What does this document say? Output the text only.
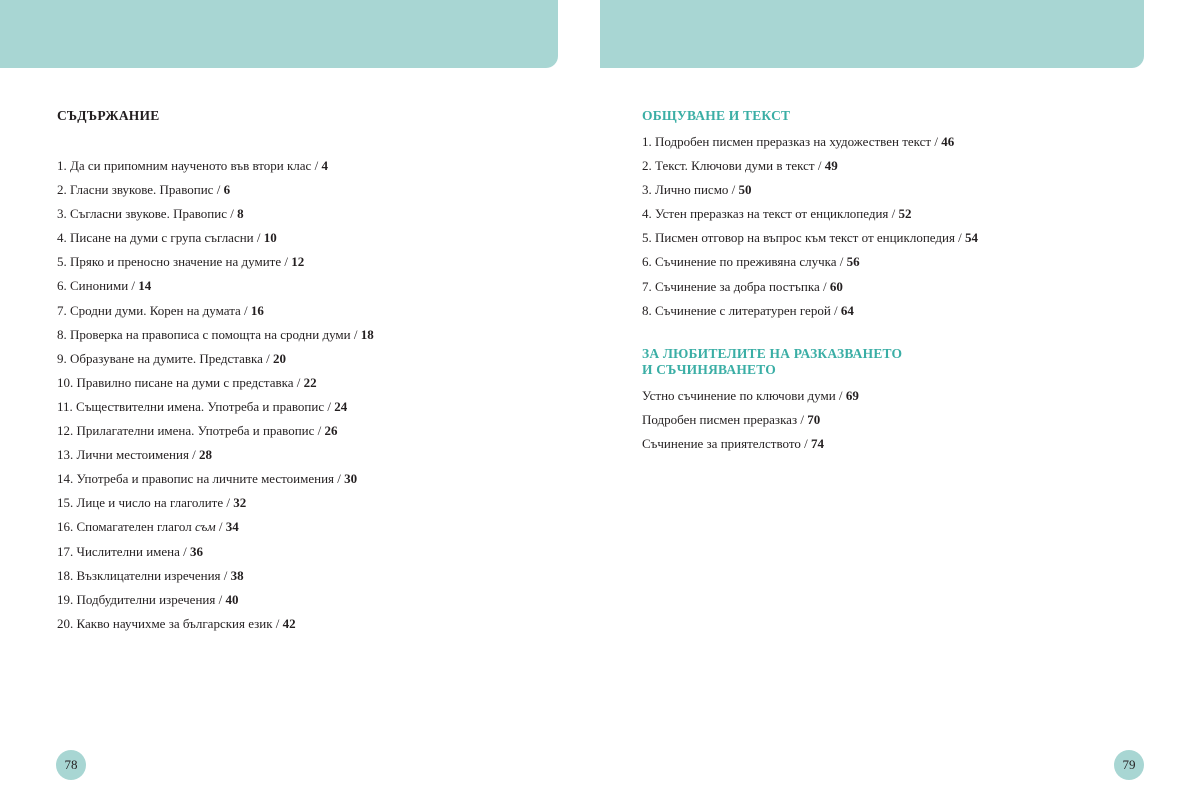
СЪДЪРЖАНИЕ
1. Да си припомним наученото във втори клас / 4
2. Гласни звукове. Правопис / 6
3. Съгласни звукове. Правопис / 8
4. Писане на думи с група съгласни / 10
5. Пряко и преносно значение на думите / 12
6. Синоними / 14
7. Сродни думи. Корен на думата / 16
8. Проверка на правописа с помощта на сродни думи / 18
9. Образуване на думите. Представка / 20
10. Правилно писане на думи с представка / 22
11. Съществителни имена. Употреба и правопис / 24
12. Прилагателни имена. Употреба и правопис / 26
13. Лични местоимения / 28
14. Употреба и правопис на личните местоимения / 30
15. Лице и число на глаголите / 32
16. Спомагателен глагол съм / 34
17. Числителни имена / 36
18. Възклицателни изречения / 38
19. Подбудителни изречения / 40
20. Какво научихме за българския език / 42
ОБЩУВАНЕ И ТЕКСТ
1. Подробен писмен преразказ на художествен текст / 46
2. Текст. Ключови думи в текст / 49
3. Лично писмо / 50
4. Устен преразказ на текст от енциклопедия / 52
5. Писмен отговор на въпрос към текст от енциклопедия / 54
6. Съчинение по преживяна случка / 56
7. Съчинение за добра постъпка / 60
8. Съчинение с литературен герой / 64
ЗА ЛЮБИТЕЛИТЕ НА РАЗКАЗВАНЕТО
И СЪЧИНЯВАНЕТО
Устно съчинение по ключови думи / 69
Подробен писмен преразказ / 70
Съчинение за приятелството / 74
78	79
